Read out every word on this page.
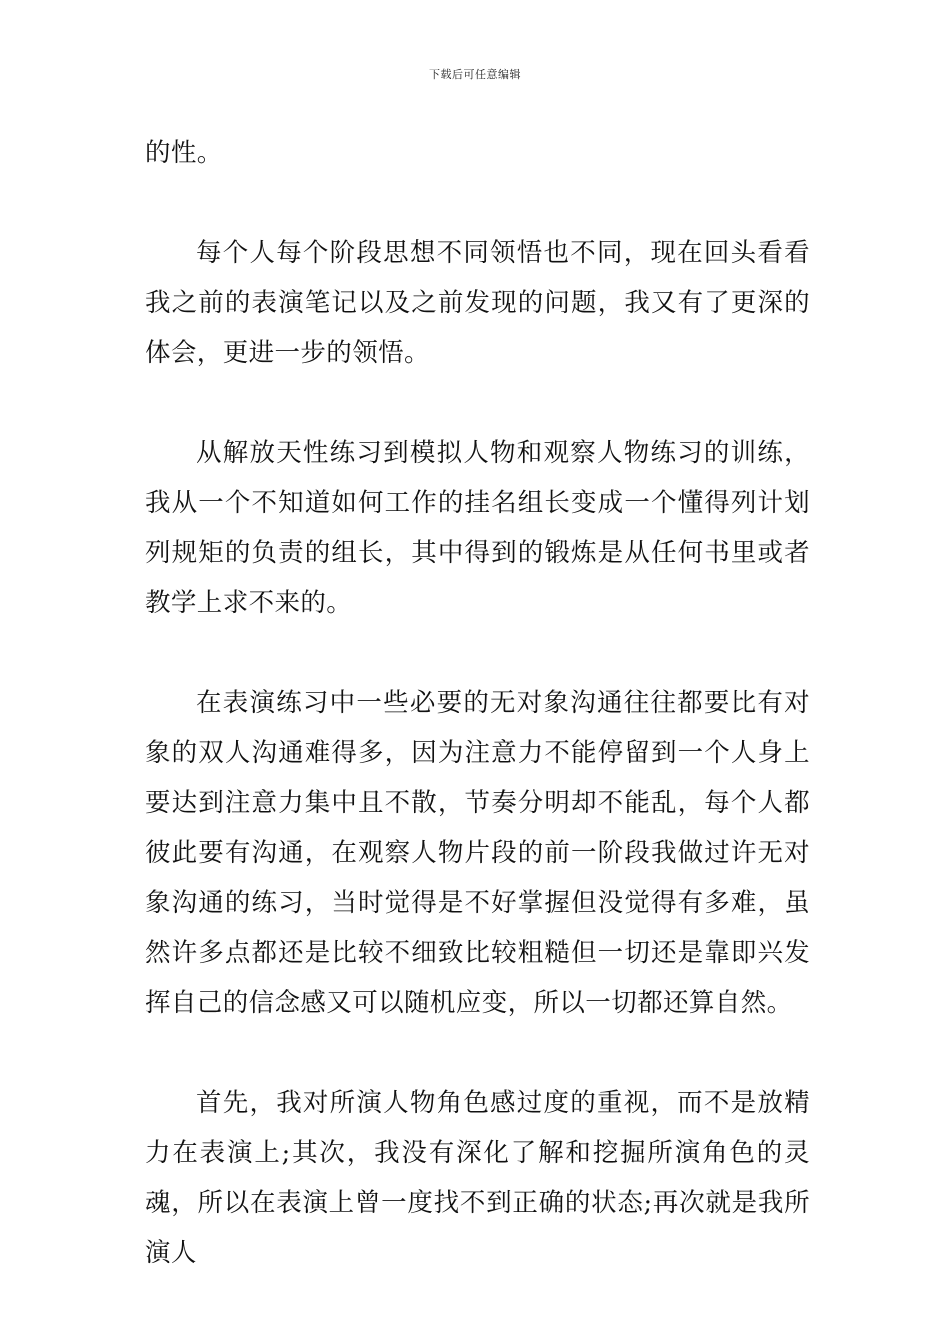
下载后可任意编辑

的性。

每个人每个阶段思想不同领悟也不同，现在回头看看我之前的表演笔记以及之前发现的问题，我又有了更深的体会，更进一步的领悟。

从解放天性练习到模拟人物和观察人物练习的训练，我从一个不知道如何工作的挂名组长变成一个懂得列计划列规矩的负责的组长，其中得到的锻炼是从任何书里或者教学上求不来的。

在表演练习中一些必要的无对象沟通往往都要比有对象的双人沟通难得多，因为注意力不能停留到一个人身上要达到注意力集中且不散，节奏分明却不能乱，每个人都彼此要有沟通，在观察人物片段的前一阶段我做过许无对象沟通的练习，当时觉得是不好掌握但没觉得有多难，虽然许多点都还是比较不细致比较粗糙但一切还是靠即兴发挥自己的信念感又可以随机应变，所以一切都还算自然。

首先，我对所演人物角色感过度的重视，而不是放精力在表演上;其次，我没有深化了解和挖掘所演角色的灵魂，所以在表演上曾一度找不到正确的状态;再次就是我所演人
